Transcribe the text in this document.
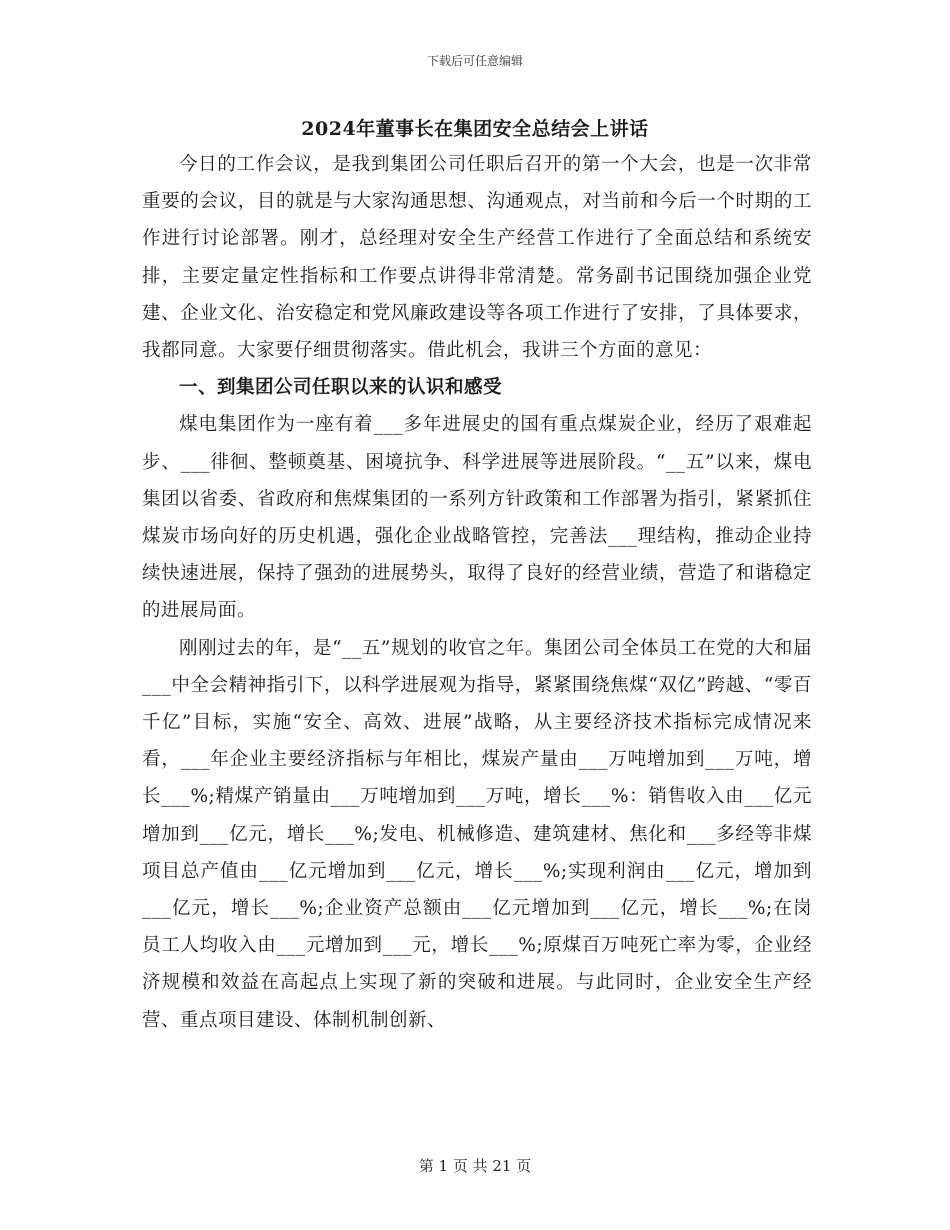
下载后可任意编辑
2024年董事长在集团安全总结会上讲话

今日的工作会议，是我到集团公司任职后召开的第一个大会，也是一次非常重要的会议，目的就是与大家沟通思想、沟通观点，对当前和今后一个时期的工作进行讨论部署。刚才，总经理对安全生产经营工作进行了全面总结和系统安排，主要定量定性指标和工作要点讲得非常清楚。常务副书记围绕加强企业党建、企业文化、治安稳定和党风廉政建设等各项工作进行了安排，了具体要求，我都同意。大家要仔细贯彻落实。借此机会，我讲三个方面的意见：

一、到集团公司任职以来的认识和感受

煤电集团作为一座有着___多年进展史的国有重点煤炭企业，经历了艰难起步、___徘徊、整顿奠基、困境抗争、科学进展等进展阶段。“__五”以来，煤电集团以省委、省政府和焦煤集团的一系列方针政策和工作部署为指引，紧紧抓住煤炭市场向好的历史机遇，强化企业战略管控，完善法___理结构，推动企业持续快速进展，保持了强劲的进展势头，取得了良好的经营业绩，营造了和谐稳定的进展局面。

刚刚过去的年，是“__五”规划的收官之年。集团公司全体员工在党的大和届___中全会精神指引下，以科学进展观为指导，紧紧围绕焦煤“双亿”跨越、“零百千亿”目标，实施“安全、高效、进展”战略，从主要经济技术指标完成情况来看，___年企业主要经济指标与年相比，煤炭产量由___万吨增加到___万吨，增长___%;精煤产销量由___万吨增加到___万吨，增长___%：销售收入由___亿元增加到___亿元，增长___%;发电、机械修造、建筑建材、焦化和___多经等非煤项目总产值由___亿元增加到___亿元，增长___%;实现利润由___亿元，增加到___亿元，增长___%;企业资产总额由___亿元增加到___亿元，增长___%;在岗员工人均收入由___元增加到___元，增长___%;原煤百万吨死亡率为零，企业经济规模和效益在高起点上实现了新的突破和进展。与此同时，企业安全生产经营、重点项目建设、体制机制创新、

第 1 页 共 21 页
